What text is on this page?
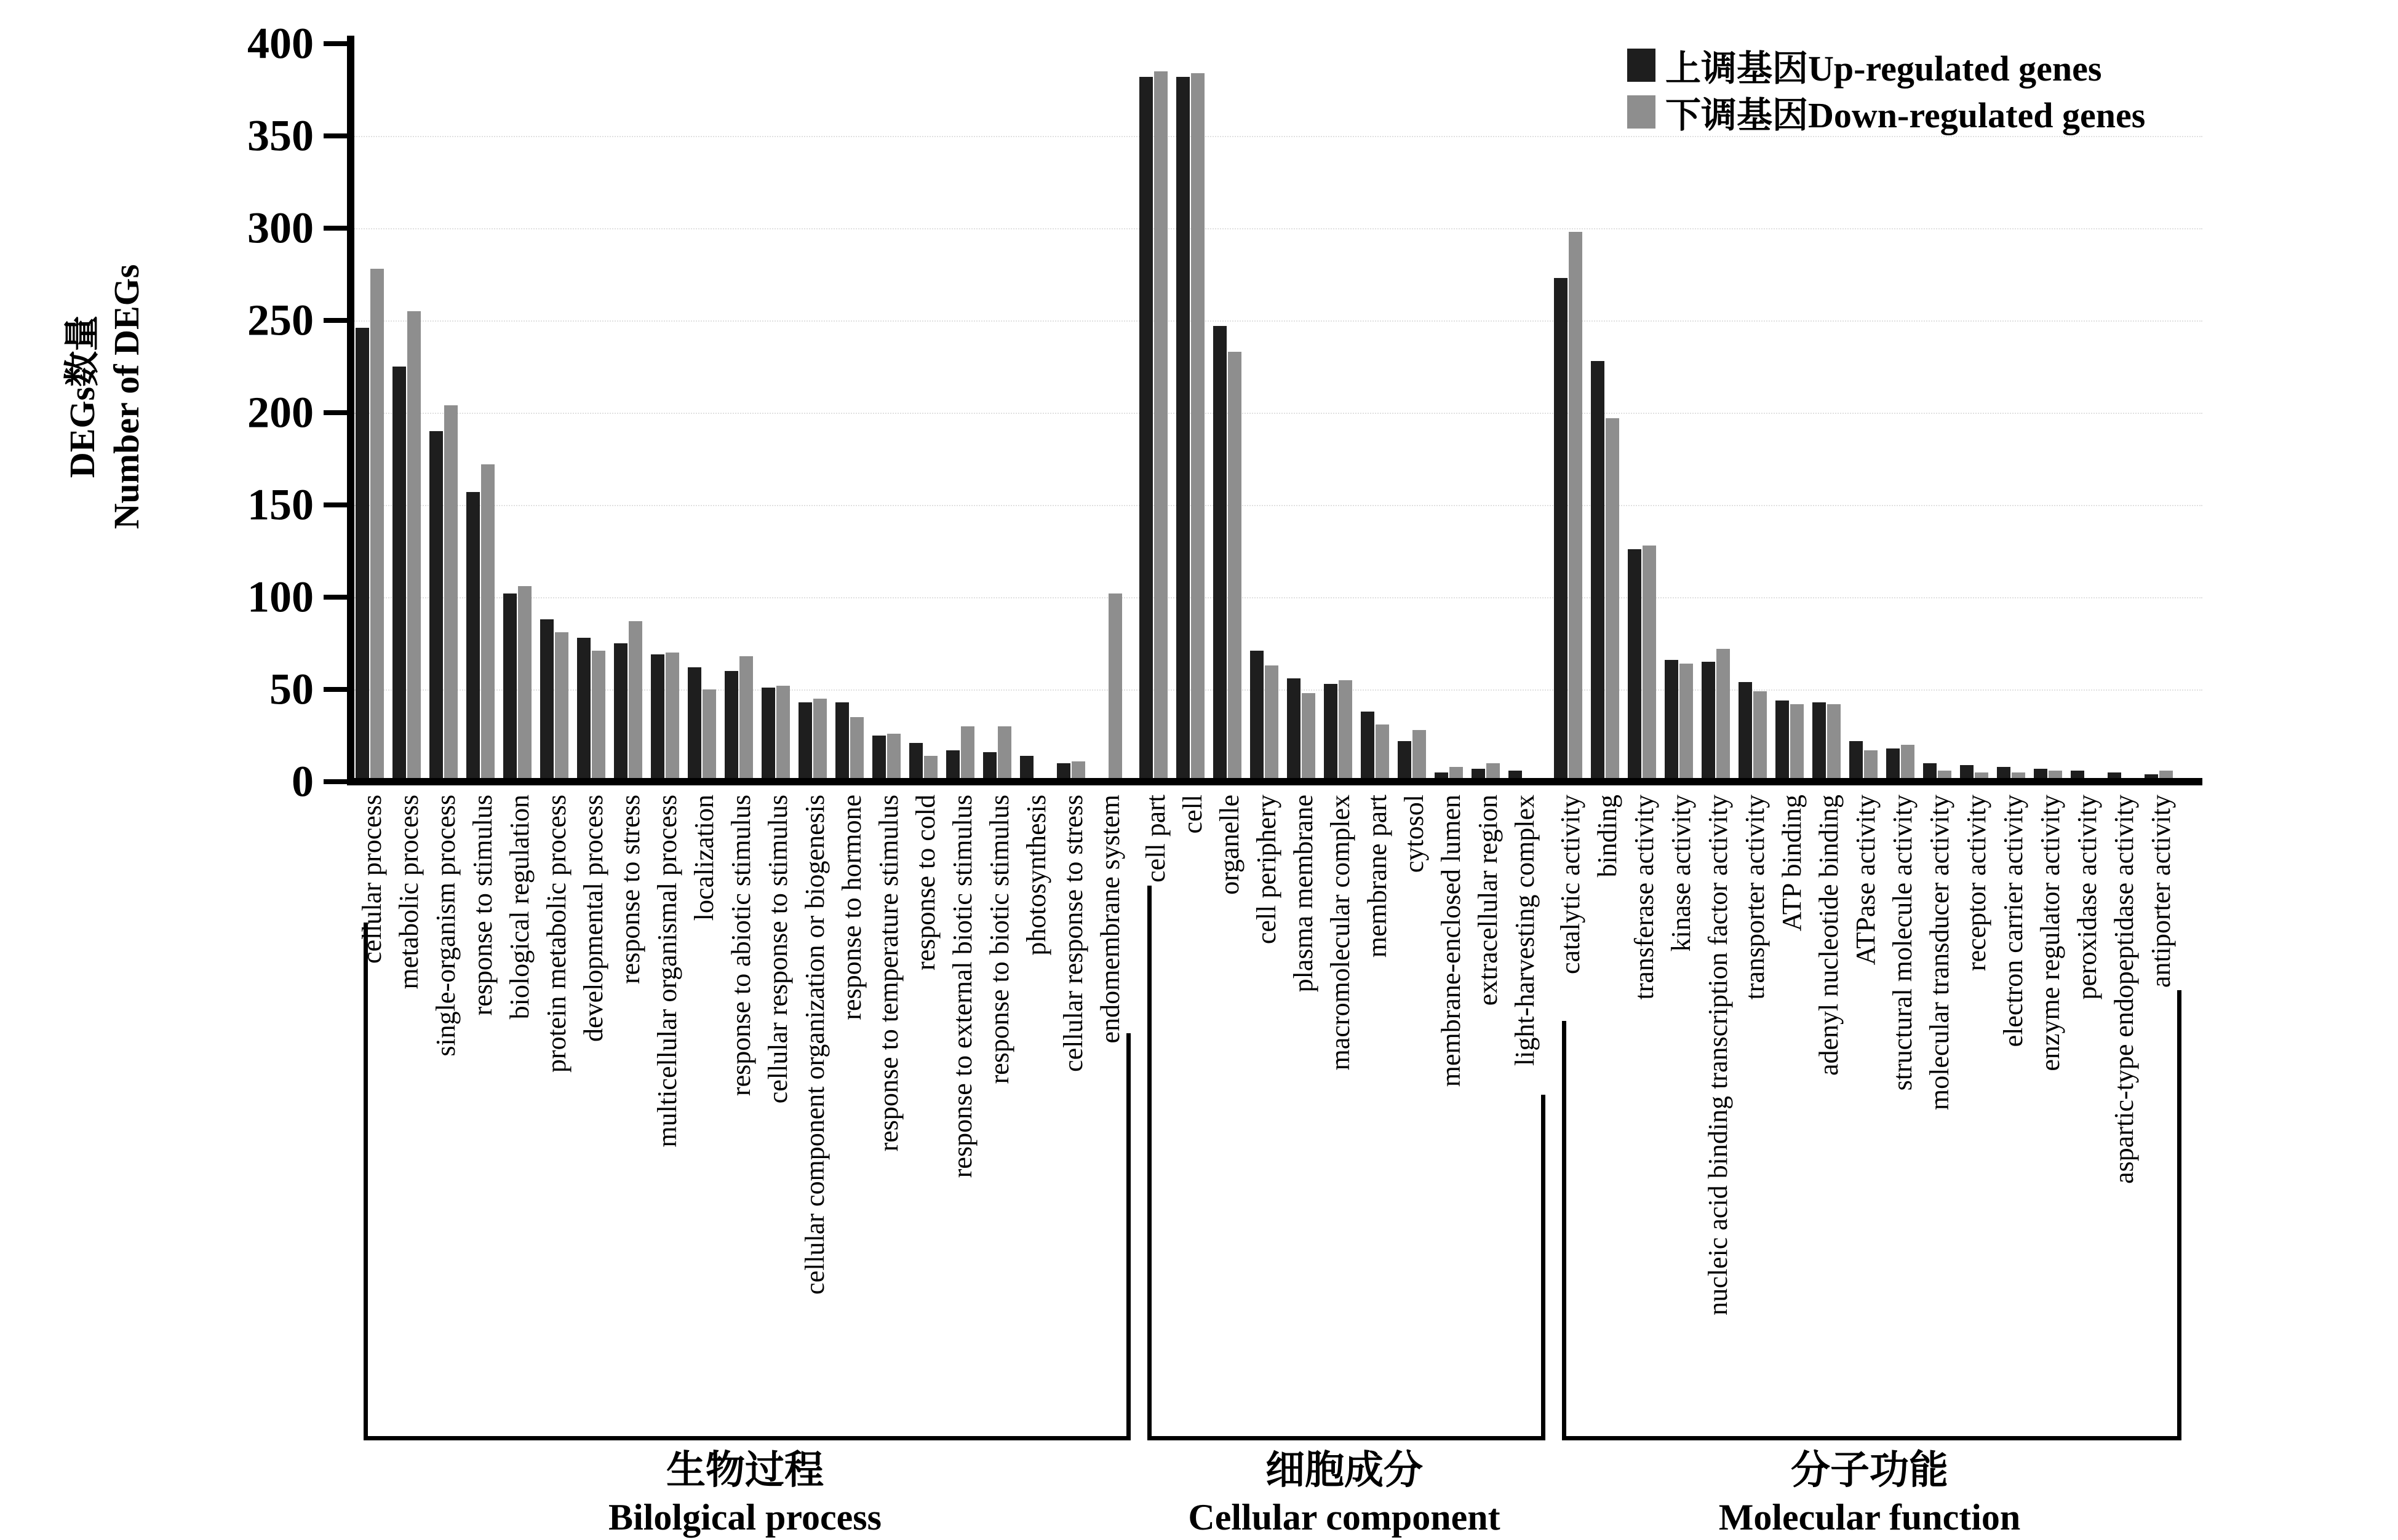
DEGs数量 Number of DEGs
0
50
100
150
200
250
300
350
400
cellular process metabolic process single-organism process response to stimulus biological regulation protein metabolic process developmental process response to stress multicellular organismal process localization response to abiotic stimulus cellular response to stimulus cellular component organization or biogenesis response to hormone response to temperature stimulus response to cold response to external biotic stimulus response to biotic stimulus photosynthesis cellular response to stress endomembrane system cell part cell organelle cell periphery plasma membrane macromolecular complex membrane part cytosol membrane-enclosed lumen extracellular region light-harvesting complex catalytic activity binding transferase activity kinase activity nucleic acid binding transcription factor activity transporter activity ATP binding adenyl nucleotide binding ATPase activity structural molecule activity molecular transducer activity receptor activity electron carrier activity enzyme regulator activity peroxidase activity aspartic-type endopeptidase activity antiporter activity
生物过程
Bilolgical process
细胞成分
Cellular component
分子功能
Molecular function
上调基因Up-regulated genes
下调基因Down-regulated genes
